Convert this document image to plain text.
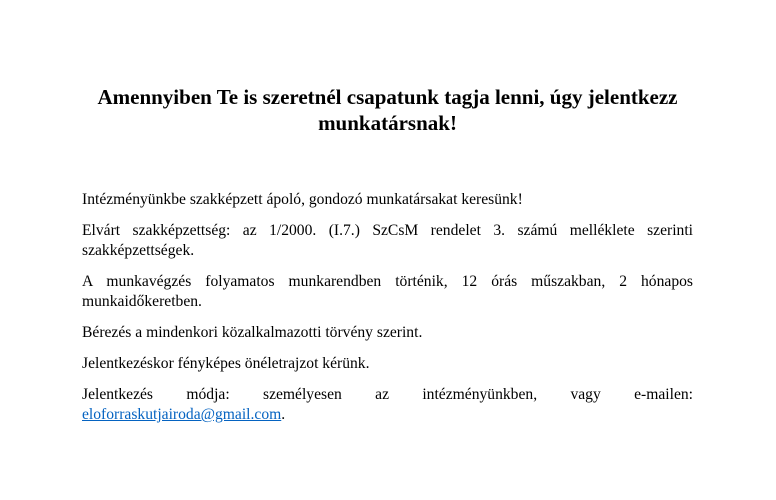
Amennyiben Te is szeretnél csapatunk tagja lenni, úgy jelentkezz munkatársnak!

Intézményünkbe szakképzett ápoló, gondozó munkatársakat keresünk!

Elvárt szakképzettség: az 1/2000. (I.7.) SzCsM rendelet 3. számú melléklete szerinti szakképzettségek.

A munkavégzés folyamatos munkarendben történik, 12 órás műszakban, 2 hónapos munkaidőkeretben.

Bérezés a mindenkori közalkalmazotti törvény szerint.

Jelentkezéskor fényképes önéletrajzot kérünk.

Jelentkezés módja: személyesen az intézményünkben, vagy e-mailen: eloforraskutjairoda@gmail.com.
